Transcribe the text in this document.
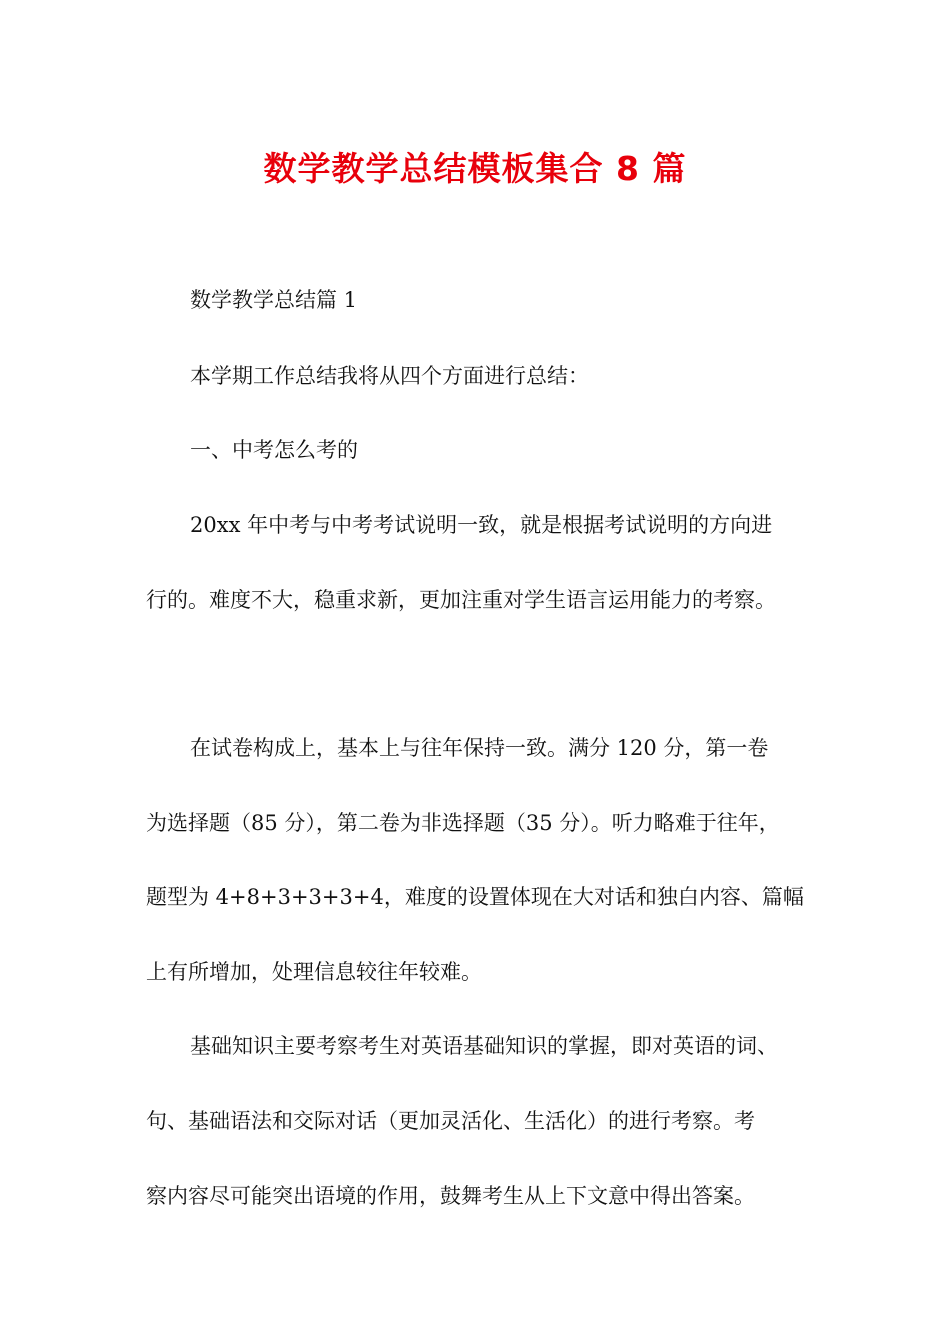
数学教学总结模板集合 8 篇
数学教学总结篇 1
本学期工作总结我将从四个方面进行总结：
一、中考怎么考的
20xx 年中考与中考考试说明一致，就是根据考试说明的方向进
行的。难度不大，稳重求新，更加注重对学生语言运用能力的考察。
在试卷构成上，基本上与往年保持一致。满分 120 分，第一卷
为选择题（85 分），第二卷为非选择题（35 分）。听力略难于往年，
题型为 4+8+3+3+3+4，难度的设置体现在大对话和独白内容、篇幅
上有所增加，处理信息较往年较难。
基础知识主要考察考生对英语基础知识的掌握，即对英语的词、
句、基础语法和交际对话（更加灵活化、生活化）的进行考察。考
察内容尽可能突出语境的作用，鼓舞考生从上下文意中得出答案。
